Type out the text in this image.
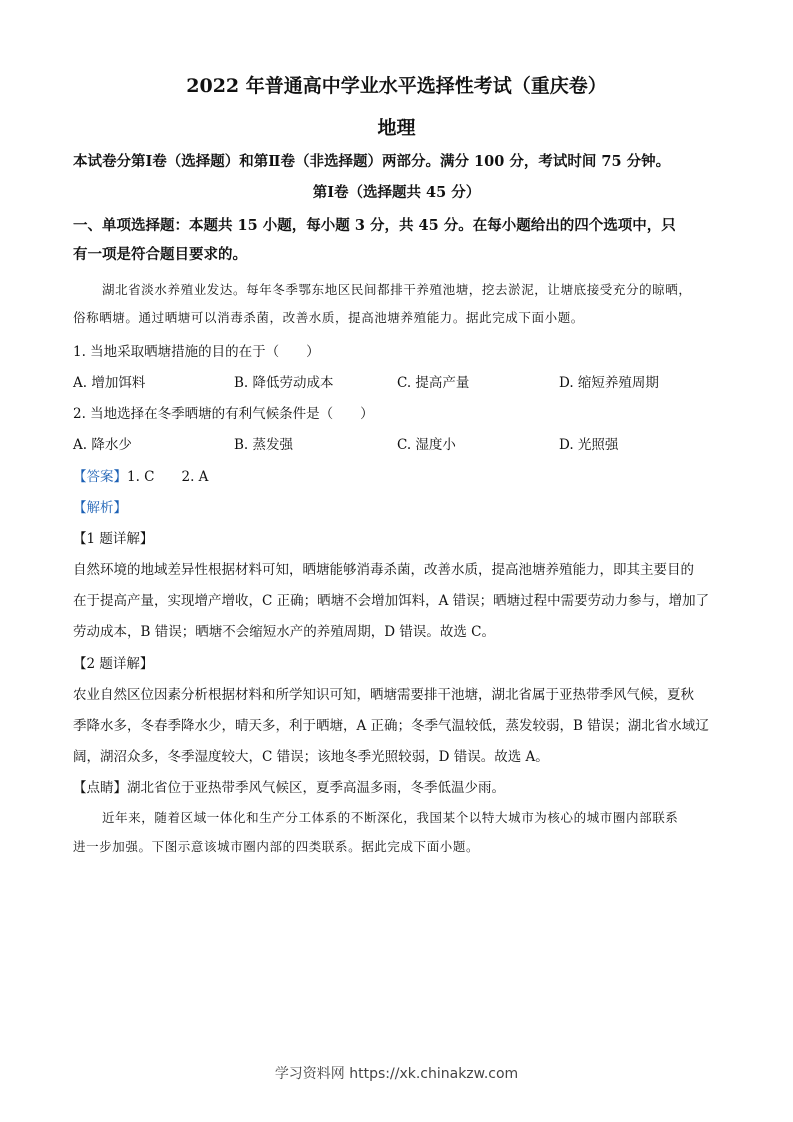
2022 年普通高中学业水平选择性考试（重庆卷）
地理
本试卷分第Ⅰ卷（选择题）和第Ⅱ卷（非选择题）两部分。满分 100 分，考试时间 75 分钟。
第Ⅰ卷（选择题共 45 分）
一、单项选择题：本题共 15 小题，每小题 3 分，共 45 分。在每小题给出的四个选项中，只
有一项是符合题目要求的。
湖北省淡水养殖业发达。每年冬季鄂东地区民间都排干养殖池塘，挖去淤泥，让塘底接受充分的晾晒，
俗称晒塘。通过晒塘可以消毒杀菌，改善水质，提高池塘养殖能力。据此完成下面小题。
1. 当地采取晒塘措施的目的在于（　　）
A. 增加饵料	B. 降低劳动成本	C. 提高产量	D. 缩短养殖周期
2. 当地选择在冬季晒塘的有利气候条件是（　　）
A. 降水少	B. 蒸发强	C. 湿度小	D. 光照强
【答案】1. C　　2. A
【解析】
【1 题详解】
自然环境的地域差异性根据材料可知，晒塘能够消毒杀菌，改善水质，提高池塘养殖能力，即其主要目的
在于提高产量，实现增产增收，C 正确；晒塘不会增加饵料，A 错误；晒塘过程中需要劳动力参与，增加了
劳动成本，B 错误；晒塘不会缩短水产的养殖周期，D 错误。故选 C。
【2 题详解】
农业自然区位因素分析根据材料和所学知识可知，晒塘需要排干池塘，湖北省属于亚热带季风气候，夏秋
季降水多，冬春季降水少，晴天多，利于晒塘，A 正确；冬季气温较低，蒸发较弱，B 错误；湖北省水域辽
阔，湖沼众多，冬季湿度较大，C 错误；该地冬季光照较弱，D 错误。故选 A。
【点睛】湖北省位于亚热带季风气候区，夏季高温多雨，冬季低温少雨。
近年来，随着区域一体化和生产分工体系的不断深化，我国某个以特大城市为核心的城市圈内部联系
进一步加强。下图示意该城市圈内部的四类联系。据此完成下面小题。
学习资料网 https://xk.chinakzw.com
